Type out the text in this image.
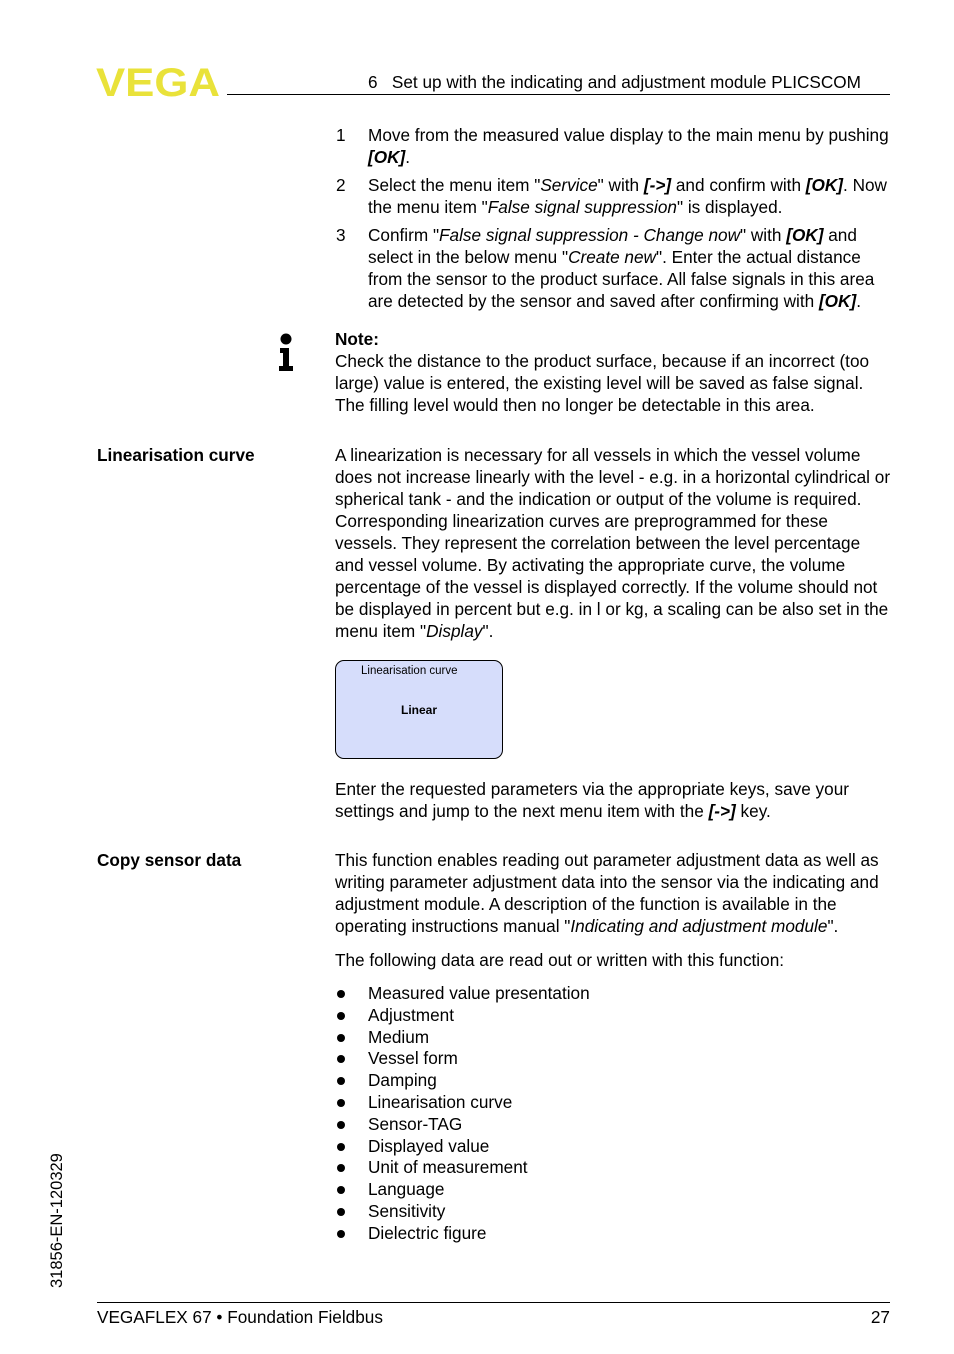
VEGA	6   Set up with the indicating and adjustment module PLICSCOM
1 Move from the measured value display to the main menu by pushing [OK].
2 Select the menu item "Service" with [->] and confirm with [OK]. Now the menu item "False signal suppression" is displayed.
3 Confirm "False signal suppression - Change now" with [OK] and select in the below menu "Create new". Enter the actual distance from the sensor to the product surface. All false signals in this area are detected by the sensor and saved after confirming with [OK].
Note:
Check the distance to the product surface, because if an incorrect (too large) value is entered, the existing level will be saved as false signal. The filling level would then no longer be detectable in this area.
Linearisation curve	A linearization is necessary for all vessels in which the vessel volume does not increase linearly with the level - e.g. in a horizontal cylindrical or spherical tank - and the indication or output of the volume is required. Corresponding linearization curves are preprogrammed for these vessels. They represent the correlation between the level percentage and vessel volume. By activating the appropriate curve, the volume percentage of the vessel is displayed correctly. If the volume should not be displayed in percent but e.g. in l or kg, a scaling can be also set in the menu item "Display".
Linearisation curve
Linear
Enter the requested parameters via the appropriate keys, save your settings and jump to the next menu item with the [->] key.
Copy sensor data	This function enables reading out parameter adjustment data as well as writing parameter adjustment data into the sensor via the indicating and adjustment module. A description of the function is available in the operating instructions manual "Indicating and adjustment module".
The following data are read out or written with this function:
Measured value presentation
Adjustment
Medium
Vessel form
Damping
Linearisation curve
Sensor-TAG
Displayed value
Unit of measurement
Language
Sensitivity
Dielectric figure
31856-EN-120329
VEGAFLEX 67 • Foundation Fieldbus	27
